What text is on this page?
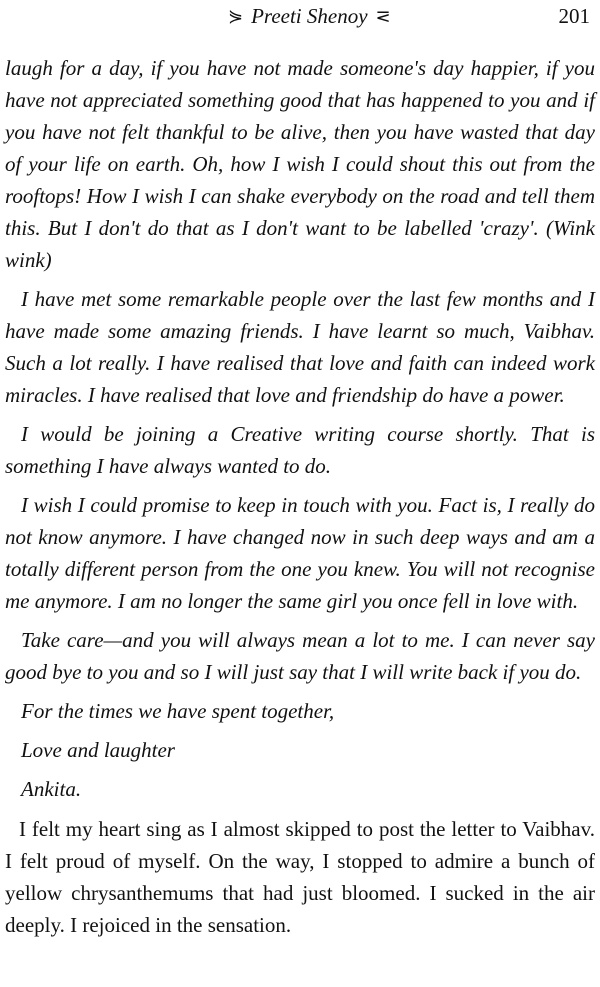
⋟ Preeti Shenoy ⋜	201

laugh for a day, if you have not made someone's day happier, if you have not appreciated something good that has happened to you and if you have not felt thankful to be alive, then you have wasted that day of your life on earth. Oh, how I wish I could shout this out from the rooftops! How I wish I can shake everybody on the road and tell them this. But I don't do that as I don't want to be labelled 'crazy'. (Wink wink)

I have met some remarkable people over the last few months and I have made some amazing friends. I have learnt so much, Vaibhav. Such a lot really. I have realised that love and faith can indeed work miracles. I have realised that love and friendship do have a power.

I would be joining a Creative writing course shortly. That is something I have always wanted to do.

I wish I could promise to keep in touch with you. Fact is, I really do not know anymore. I have changed now in such deep ways and am a totally different person from the one you knew. You will not recognise me anymore. I am no longer the same girl you once fell in love with.

Take care—and you will always mean a lot to me. I can never say good bye to you and so I will just say that I will write back if you do.

For the times we have spent together,

Love and laughter

Ankita.

I felt my heart sing as I almost skipped to post the letter to Vaibhav. I felt proud of myself. On the way, I stopped to admire a bunch of yellow chrysanthemums that had just bloomed. I sucked in the air deeply. I rejoiced in the sensation.
